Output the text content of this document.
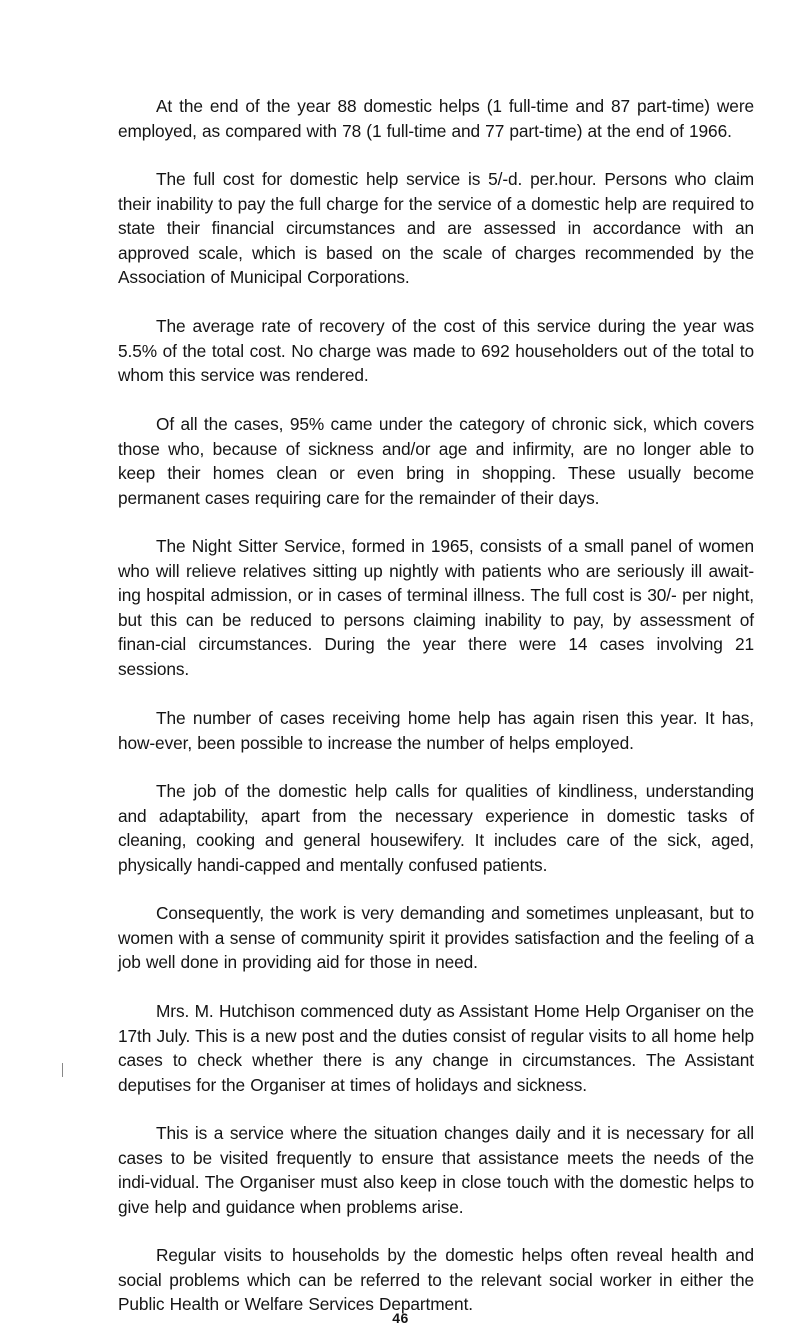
At the end of the year 88 domestic helps (1 full-time and 87 part-time) were employed, as compared with 78 (1 full-time and 77 part-time) at the end of 1966.

The full cost for domestic help service is 5/-d. per.hour. Persons who claim their inability to pay the full charge for the service of a domestic help are required to state their financial circumstances and are assessed in accordance with an approved scale, which is based on the scale of charges recommended by the Association of Municipal Corporations.

The average rate of recovery of the cost of this service during the year was 5.5% of the total cost. No charge was made to 692 householders out of the total to whom this service was rendered.

Of all the cases, 95% came under the category of chronic sick, which covers those who, because of sickness and/or age and infirmity, are no longer able to keep their homes clean or even bring in shopping. These usually become permanent cases requiring care for the remainder of their days.

The Night Sitter Service, formed in 1965, consists of a small panel of women who will relieve relatives sitting up nightly with patients who are seriously ill await-ing hospital admission, or in cases of terminal illness. The full cost is 30/- per night, but this can be reduced to persons claiming inability to pay, by assessment of finan-cial circumstances. During the year there were 14 cases involving 21 sessions.

The number of cases receiving home help has again risen this year. It has, how-ever, been possible to increase the number of helps employed.

The job of the domestic help calls for qualities of kindliness, understanding and adaptability, apart from the necessary experience in domestic tasks of cleaning, cooking and general housewifery. It includes care of the sick, aged, physically handi-capped and mentally confused patients.

Consequently, the work is very demanding and sometimes unpleasant, but to women with a sense of community spirit it provides satisfaction and the feeling of a job well done in providing aid for those in need.

Mrs. M. Hutchison commenced duty as Assistant Home Help Organiser on the 17th July. This is a new post and the duties consist of regular visits to all home help cases to check whether there is any change in circumstances. The Assistant deputises for the Organiser at times of holidays and sickness.

This is a service where the situation changes daily and it is necessary for all cases to be visited frequently to ensure that assistance meets the needs of the indi-vidual. The Organiser must also keep in close touch with the domestic helps to give help and guidance when problems arise.

Regular visits to households by the domestic helps often reveal health and social problems which can be referred to the relevant social worker in either the Public Health or Welfare Services Department.

46
